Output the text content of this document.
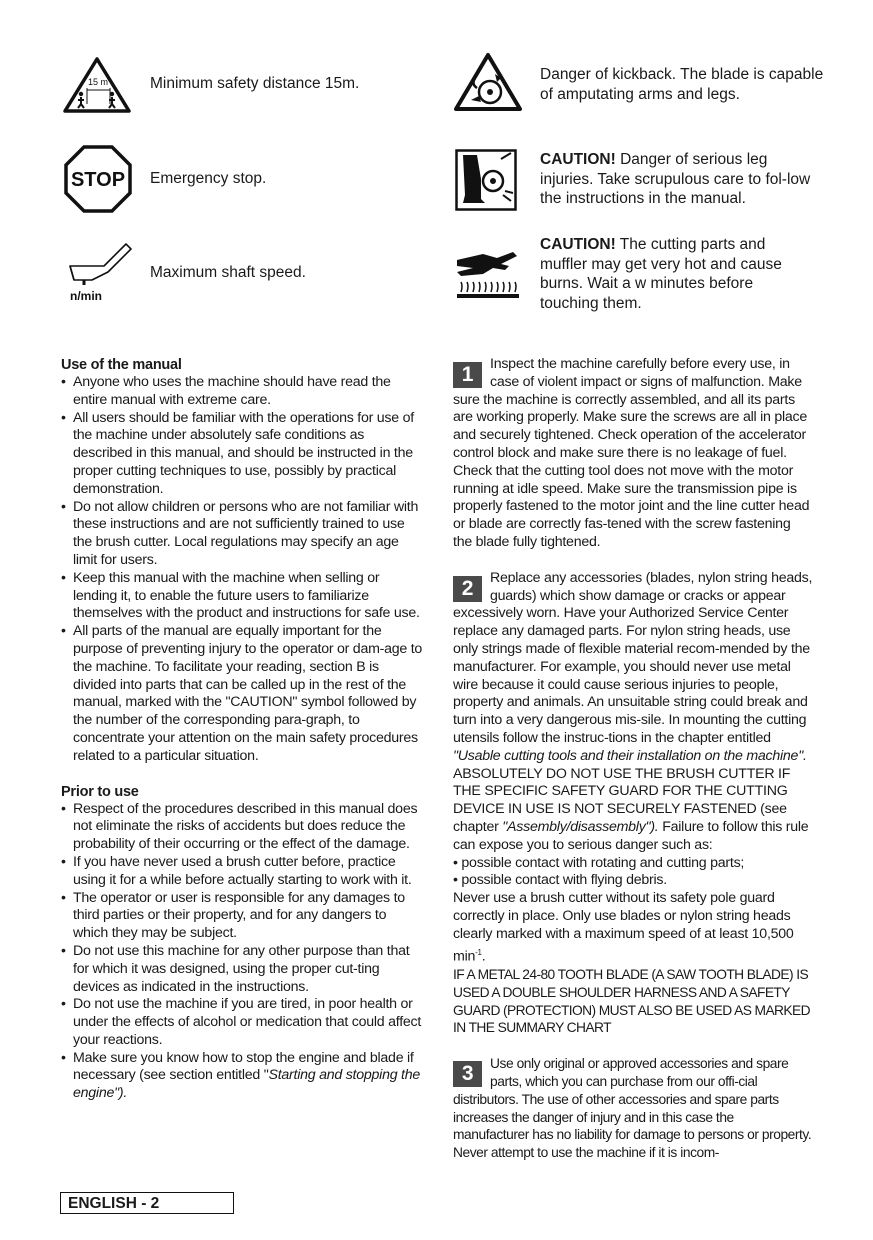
15 m	Minimum safety distance 15m.
STOP Emergency stop.
n/min
Maximum shaft speed.
Danger of kickback. The blade is capable of amputating arms and legs.
CAUTION! Danger of serious leg injuries. Take scrupulous care to fol-low the instructions in the manual.
CAUTION! The cutting parts and muffler may get very hot and cause burns. Wait a w minutes before touching them.
Use of the manual
• Anyone who uses the machine should have read the entire manual with extreme care.
• All users should be familiar with the operations for use of the machine under absolutely safe conditions as described in this manual, and should be instructed in the proper cutting techniques to use, possibly by practical demonstration.
• Do not allow children or persons who are not familiar with these instructions and are not sufficiently trained to use the brush cutter. Local regulations may specify an age limit for users.
• Keep this manual with the machine when selling or lending it, to enable the future users to familiarize themselves with the product and instructions for safe use.
• All parts of the manual are equally important for the purpose of preventing injury to the operator or dam-age to the machine. To facilitate your reading, section B is divided into parts that can be called up in the rest of the manual, marked with the "CAUTION" symbol followed by the number of the corresponding para-graph, to concentrate your attention on the main safety procedures related to a particular situation.
Prior to use
• Respect of the procedures described in this manual does not eliminate the risks of accidents but does reduce the probability of their occurring or the effect of the damage.
• If you have never used a brush cutter before, practice using it for a while before actually starting to work with it.
• The operator or user is responsible for any damages to third parties or their property, and for any dangers to which they may be subject.
• Do not use this machine for any other purpose than that for which it was designed, using the proper cut-ting devices as indicated in the instructions.
• Do not use the machine if you are tired, in poor health or under the effects of alcohol or medication that could affect your reactions.
• Make sure you know how to stop the engine and blade if necessary (see section entitled "Starting and stopping the engine").

1	Inspect the machine carefully before every use, in case of violent impact or signs of malfunction. Make sure the machine is correctly assembled, and all its parts are working properly. Make sure the screws are all in place and securely tightened. Check operation of the accelerator control block and make sure there is no leakage of fuel. Check that the cutting tool does not move with the motor running at idle speed. Make sure the transmission pipe is properly fastened to the motor joint and the line cutter head or blade are correctly fas-tened with the screw fastening the blade fully tightened.

2	Replace any accessories (blades, nylon string heads, guards) which show damage or cracks or appear excessively worn. Have your Authorized Service Center replace any damaged parts. For nylon string heads, use only strings made of flexible material recom-mended by the manufacturer. For example, you should never use metal wire because it could cause serious injuries to people, property and animals. An unsuitable string could break and turn into a very dangerous mis-sile. In mounting the cutting utensils follow the instruc-tions in the chapter entitled "Usable cutting tools and their installation on the machine". ABSOLUTELY DO NOT USE THE BRUSH CUTTER IF THE SPECIFIC SAFETY GUARD FOR THE CUTTING DEVICE IN USE IS NOT SECURELY FASTENED (see chapter "Assembly/disassembly"). Failure to follow this rule can expose you to serious danger such as:

• possible contact with rotating and cutting parts;
• possible contact with flying debris.

Never use a brush cutter without its safety pole guard correctly in place. Only use blades or nylon string heads clearly marked with a maximum speed of at least 10,500 $\min^{-1}$.

IF A METAL 24-80 TOOTH BLADE (A SAW TOOTH BLADE) IS USED A DOUBLE SHOULDER HARNESS AND A SAFETY GUARD (PROTECTION) MUST ALSO BE USED AS MARKED IN THE SUMMARY CHART

3	Use only original or approved accessories and spare parts, which you can purchase from our offi-cial distributors. The use of other accessories and spare parts increases the danger of injury and in this case the manufacturer has no liability for damage to persons or property. Never attempt to use the machine if it is incom-

ENGLISH - 2
